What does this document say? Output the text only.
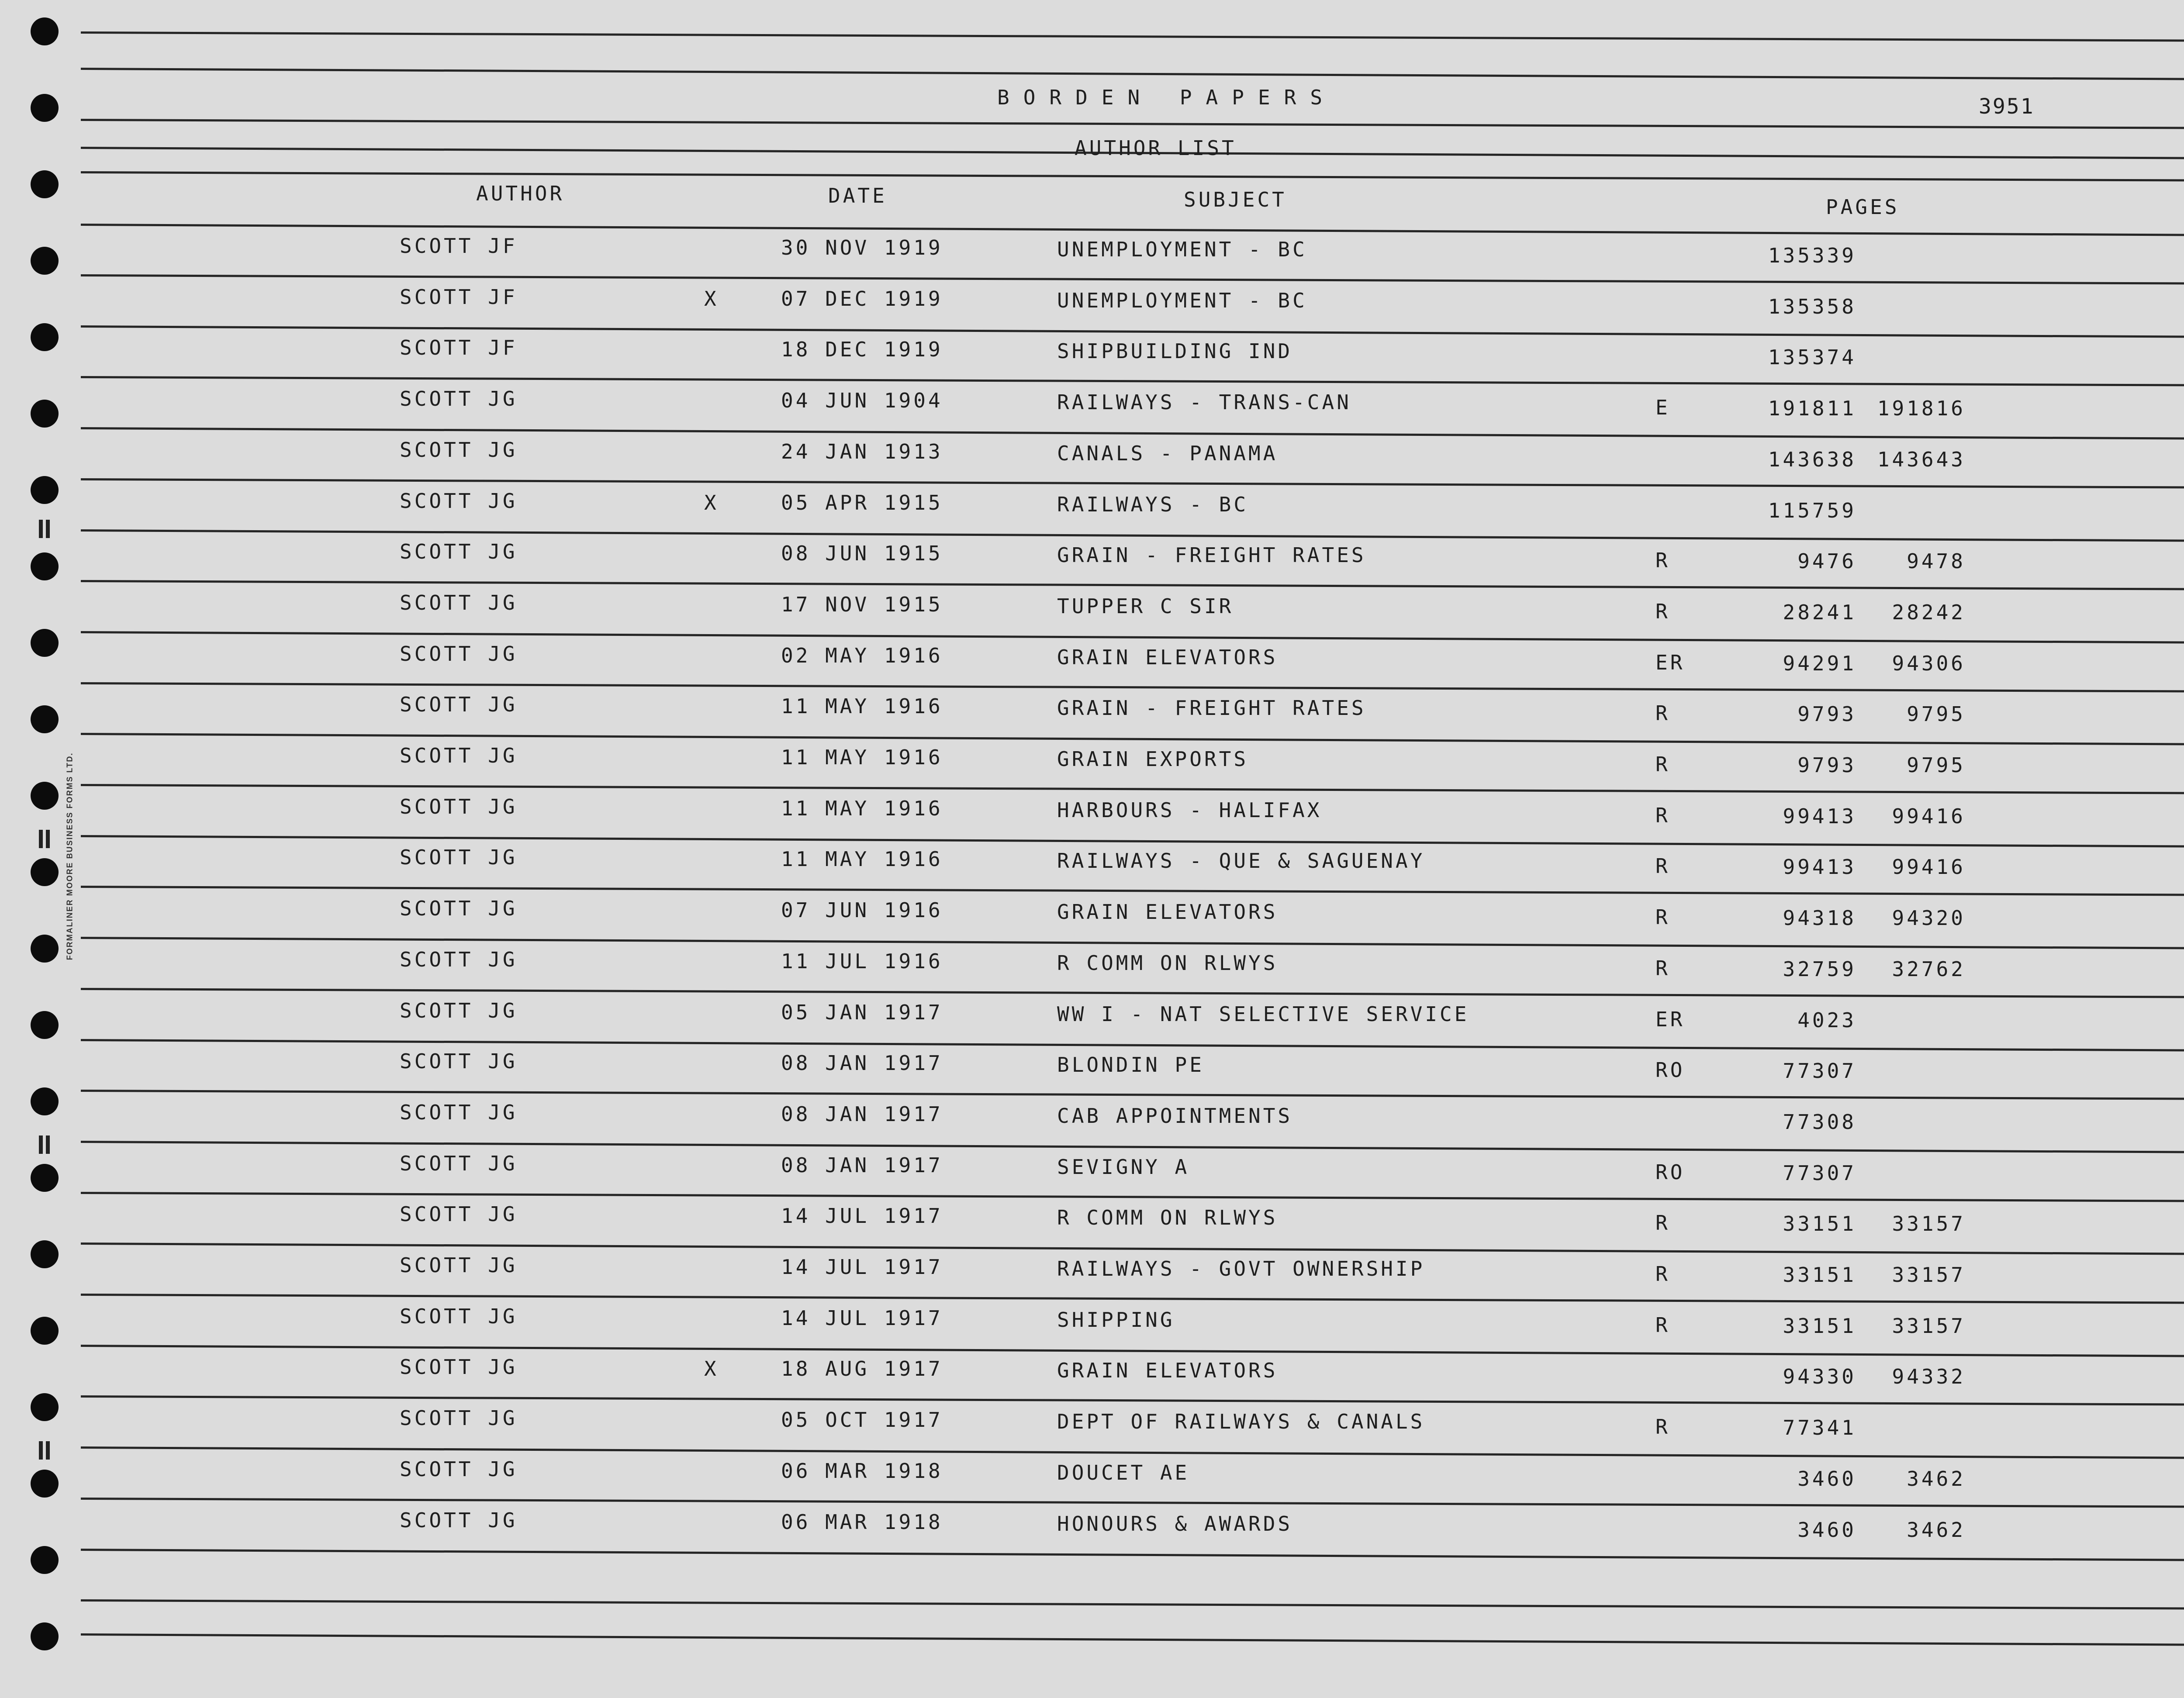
FORMALINER MOORE BUSINESS FORMS LTD.
BORDEN PAPERS	3951
AUTHOR LIST
AUTHOR	DATE	SUBJECT	PAGES
SCOTT JF	30 NOV 1919	UNEMPLOYMENT - BC	135339
SCOTT JF	X	07 DEC 1919	UNEMPLOYMENT - BC	135358
SCOTT JF	18 DEC 1919	SHIPBUILDING IND	135374
SCOTT JG	04 JUN 1904	RAILWAYS - TRANS-CAN	E	191811	191816
SCOTT JG	24 JAN 1913	CANALS - PANAMA	143638	143643
SCOTT JG	X	05 APR 1915	RAILWAYS - BC	115759
SCOTT JG	08 JUN 1915	GRAIN - FREIGHT RATES	R	9476	9478
SCOTT JG	17 NOV 1915	TUPPER C SIR	R	28241	28242
SCOTT JG	02 MAY 1916	GRAIN ELEVATORS	ER	94291	94306
SCOTT JG	11 MAY 1916	GRAIN - FREIGHT RATES	R	9793	9795
SCOTT JG	11 MAY 1916	GRAIN EXPORTS	R	9793	9795
SCOTT JG	11 MAY 1916	HARBOURS - HALIFAX	R	99413	99416
SCOTT JG	11 MAY 1916	RAILWAYS - QUE & SAGUENAY	R	99413	99416
SCOTT JG	07 JUN 1916	GRAIN ELEVATORS	R	94318	94320
SCOTT JG	11 JUL 1916	R COMM ON RLWYS	R	32759	32762
SCOTT JG	05 JAN 1917	WW I - NAT SELECTIVE SERVICE	ER	4023
SCOTT JG	08 JAN 1917	BLONDIN PE	RO	77307
SCOTT JG	08 JAN 1917	CAB APPOINTMENTS	77308
SCOTT JG	08 JAN 1917	SEVIGNY A	RO	77307
SCOTT JG	14 JUL 1917	R COMM ON RLWYS	R	33151	33157
SCOTT JG	14 JUL 1917	RAILWAYS - GOVT OWNERSHIP	R	33151	33157
SCOTT JG	14 JUL 1917	SHIPPING	R	33151	33157
SCOTT JG	X	18 AUG 1917	GRAIN ELEVATORS	94330	94332
SCOTT JG	05 OCT 1917	DEPT OF RAILWAYS & CANALS	R	77341
SCOTT JG	06 MAR 1918	DOUCET AE	3460	3462
SCOTT JG	06 MAR 1918	HONOURS & AWARDS	3460	3462
